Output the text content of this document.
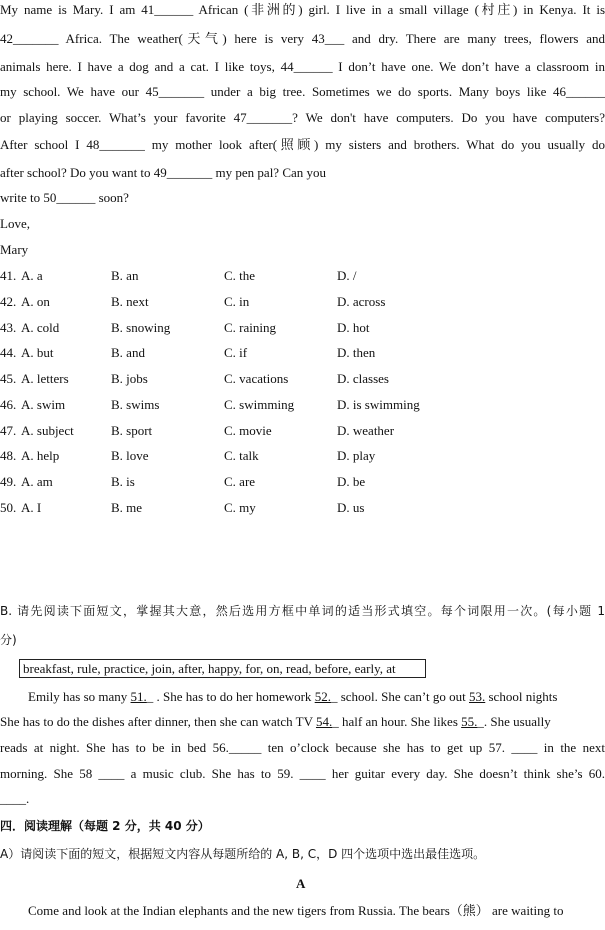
My name is Mary. I am 41______ African (非洲的) girl. I live in a small village (村庄) in Kenya. It is
42_______ Africa. The weather(天气) here is very 43___ and dry. There are many trees, flowers and
animals here. I have a dog and a cat. I like toys, 44______ I don’t have one. We don’t have a classroom in
my school. We have our 45_______ under a big tree. Sometimes we do sports. Many boys like 46______
or playing soccer. What’s your favorite 47_______? We don't have computers. Do you have computers?
After school I 48_______ my mother look after(照顾) my sisters and brothers. What do you usually do
after school? Do you want to 49_______ my pen pal? Can you
write to 50______ soon?
Love,
Mary
41. A. a	B. an	C. the	D. /
42. A. on	B. next	C. in	D. across
43. A. cold	B. snowing	C. raining	D. hot
44. A. but	B. and	C. if	D. then
45. A. letters	B. jobs	C. vacations	D. classes
46. A. swim	B. swims	C. swimming	D. is swimming
47. A. subject	B. sport	C. movie	D. weather
48. A. help	B. love	C. talk	D. play
49. A. am	B. is	C. are	D. be
50. A. I	B. me	C. my	D. us
B. 请先阅读下面短文，掌握其大意，然后选用方框中单词的适当形式填空。每个词限用一次。(每小题 1
分)
breakfast, rule, practice, join, after, happy, for, on, read, before, early, at
Emily has so many 51._ . She has to do her homework 52._ school. She can’t go out 53. school nights
She has to do the dishes after dinner, then she can watch TV 54._ half an hour. She likes 55._. She usually
reads at night. She has to be in bed 56._____ ten o’clock because she has to get up 57. ____ in the next
morning. She 58 ____ a music club. She has to 59. ____ her guitar every day. She doesn’t think she’s 60.
____.
四．阅读理解（每题 2 分，共 40 分）
A）请阅读下面的短文，根据短文内容从每题所给的 A, B, C，D 四个选项中选出最佳选项。
A
Come and look at the Indian elephants and the new tigers from Russia. The bears（熊） are waiting to
